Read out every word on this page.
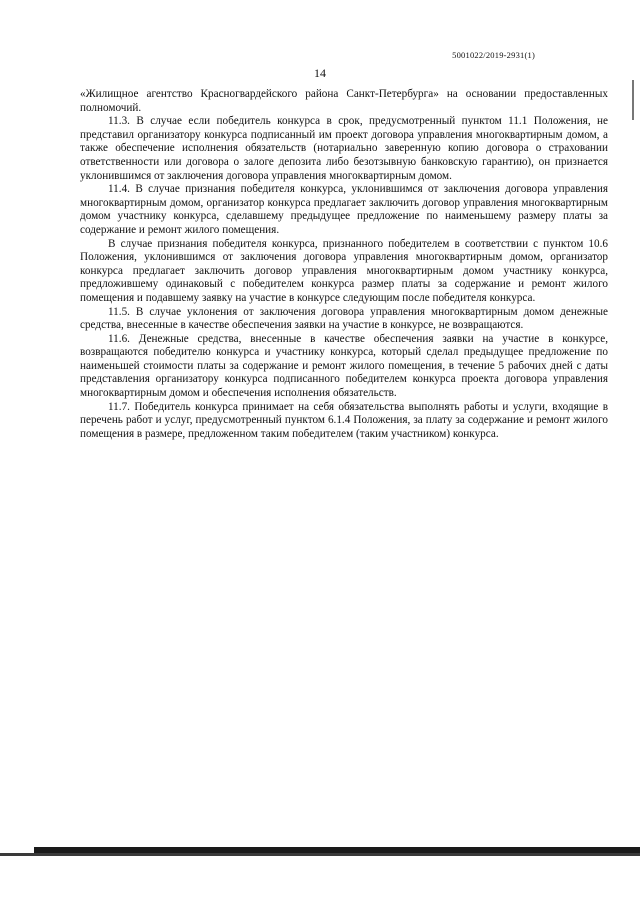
5001022/2019-2931(1)
14

«Жилищное агентство Красногвардейского района Санкт-Петербурга» на основании предоставленных полномочий.

11.3. В случае если победитель конкурса в срок, предусмотренный пунктом 11.1 Положения, не представил организатору конкурса подписанный им проект договора управления многоквартирным домом, а также обеспечение исполнения обязательств (нотариально заверенную копию договора о страховании ответственности или договора о залоге депозита либо безотзывную банковскую гарантию), он признается уклонившимся от заключения договора управления многоквартирным домом.

11.4. В случае признания победителя конкурса, уклонившимся от заключения договора управления многоквартирным домом, организатор конкурса предлагает заключить договор управления многоквартирным домом участнику конкурса, сделавшему предыдущее предложение по наименьшему размеру платы за содержание и ремонт жилого помещения.

В случае признания победителя конкурса, признанного победителем в соответствии с пунктом 10.6 Положения, уклонившимся от заключения договора управления многоквартирным домом, организатор конкурса предлагает заключить договор управления многоквартирным домом участнику конкурса, предложившему одинаковый с победителем конкурса размер платы за содержание и ремонт жилого помещения и подавшему заявку на участие в конкурсе следующим после победителя конкурса.

11.5. В случае уклонения от заключения договора управления многоквартирным домом денежные средства, внесенные в качестве обеспечения заявки на участие в конкурсе, не возвращаются.

11.6. Денежные средства, внесенные в качестве обеспечения заявки на участие в конкурсе, возвращаются победителю конкурса и участнику конкурса, который сделал предыдущее предложение по наименьшей стоимости платы за содержание и ремонт жилого помещения, в течение 5 рабочих дней с даты представления организатору конкурса подписанного победителем конкурса проекта договора управления многоквартирным домом и обеспечения исполнения обязательств.

11.7. Победитель конкурса принимает на себя обязательства выполнять работы и услуги, входящие в перечень работ и услуг, предусмотренный пунктом 6.1.4 Положения, за плату за содержание и ремонт жилого помещения в размере, предложенном таким победителем (таким участником) конкурса.
